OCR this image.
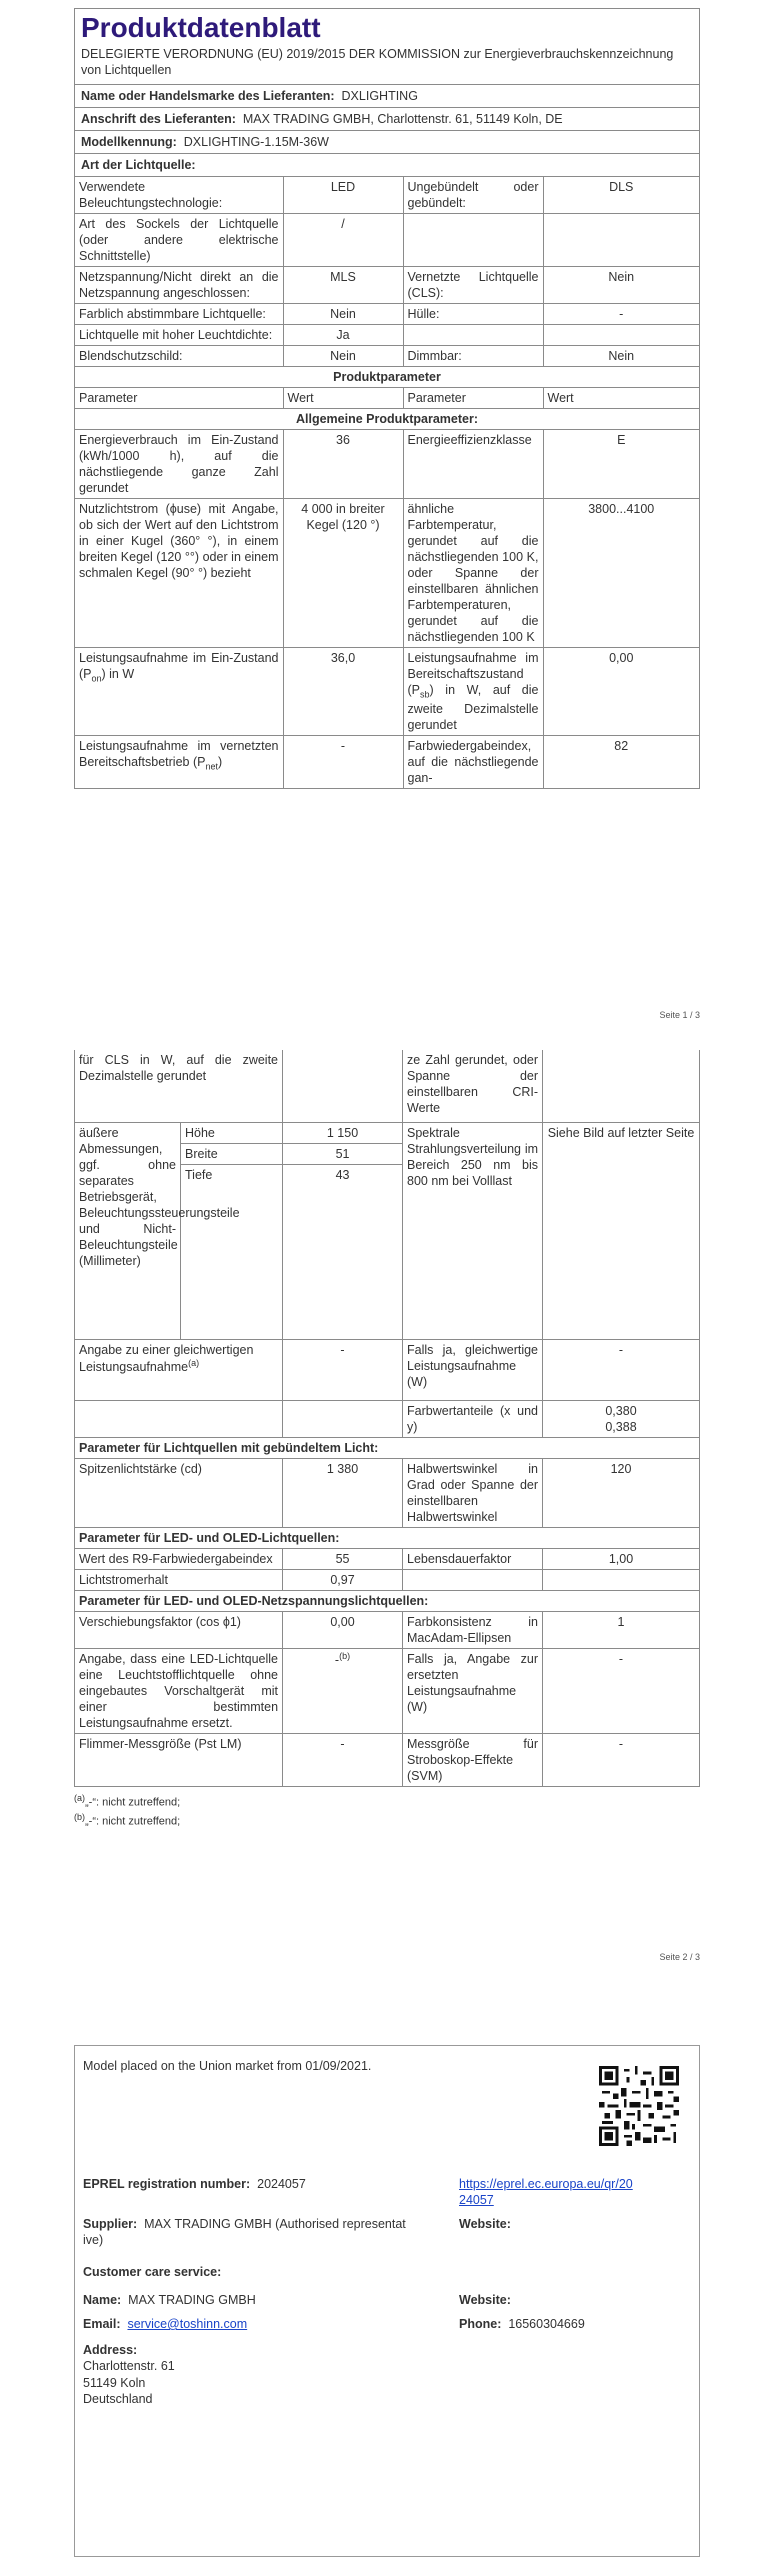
Produktdatenblatt
DELEGIERTE VERORDNUNG (EU) 2019/2015 DER KOMMISSION zur Energieverbrauchskennzeichnung von Lichtquellen
Name oder Handelsmarke des Lieferanten: DXLIGHTING
Anschrift des Lieferanten: MAX TRADING GMBH, Charlottenstr. 61, 51149 Koln, DE
Modellkennung: DXLIGHTING-1.15M-36W
Art der Lichtquelle:
Verwendete Beleuchtungstechnologie:	LED	Ungebündelt oder gebündelt:	DLS
Art des Sockels der Lichtquelle (oder andere elektrische Schnittstelle)	/		
Netzspannung/Nicht direkt an die Netzspannung angeschlossen:	MLS	Vernetzte Lichtquelle (CLS):	Nein
Farblich abstimmbare Lichtquelle:	Nein	Hülle:	-
Lichtquelle mit hoher Leuchtdichte:	Ja		
Blendschutzschild:	Nein	Dimmbar:	Nein
Produktparameter
Parameter	Wert	Parameter	Wert
Allgemeine Produktparameter:			
Energieverbrauch im Ein-Zustand (kWh/1000 h), auf die nächstliegende ganze Zahl gerundet	36	Energieeffizienzklasse	E
Nutzlichtstrom (ϕuse) mit Angabe, ob sich der Wert auf den Lichtstrom in einer Kugel (360° °), in einem breiten Kegel (120 °°) oder in einem schmalen Kegel (90° °) bezieht	4 000 in breiter Kegel (120 °)	ähnliche Farbtemperatur, gerundet auf die nächstliegenden 100 K, oder Spanne der einstellbaren ähnlichen Farbtemperaturen, gerundet auf die nächstliegenden 100 K	3800...4100
Leistungsaufnahme im Ein-Zustand $(P_{on})$ in W	36,0	Leistungsaufnahme im Bereitschaftszustand $(P_{sb})$ in W, auf die zweite Dezimalstelle gerundet	0,00
Leistungsaufnahme im vernetzten Bereitschaftsbetrieb $(P_{net})$	-	Farbwiedergabeindex, auf die nächstliegende gan-	82
Seite 1 / 3
für CLS in W, auf die zweite Dezimalstelle gerundet			ze Zahl gerundet, oder Spanne der einstellbaren CRI-Werte	
äußere Abmessungen, ggf. ohne separates Betriebsgerät, Beleuchtungssteuerungsteile und Nicht-Beleuchtungsteile (Millimeter)	Höhe	1 150	Spektrale Strahlungsverteilung im Bereich 250 nm bis 800 nm bei Volllast	Siehe Bild auf letzter Seite
	Breite	51		
	Tiefe	43		
Angabe zu einer gleichwertigen Leistungsaufnahme$^{(a)}$		-	Falls ja, gleichwertige Leistungsaufnahme (W)	-
			Farbwertanteile (x und y)	0,380
0,388

Parameter für Lichtquellen mit gebündeltem Licht:				
Spitzenlichtstärke (cd)		1 380	Halbwertswinkel in Grad oder Spanne der einstellbaren Halbwertswinkel	120
Parameter für LED- und OLED-Lichtquellen:				
Wert des R9-Farbwiedergabeindex		55	Lebensdauerfaktor	1,00
Lichtstromerhalt		0,97		
Parameter für LED- und OLED-Netzspannungslichtquellen:				
Verschiebungsfaktor (cos ϕ1)		0,00	Farbkonsistenz in MacAdam-Ellipsen	1
Angabe, dass eine LED-Lichtquelle eine Leuchtstofflichtquelle ohne eingebautes Vorschaltgerät mit einer bestimmten Leistungsaufnahme ersetzt.		-$^{(b)}$	Falls ja, Angabe zur ersetzten Leistungsaufnahme (W)	-
Flimmer-Messgröße (Pst LM)		-	Messgröße für Stroboskop-Effekte (SVM)	-
$^{(a)}$„-“: nicht zutreffend;
$^{(b)}$„-“: nicht zutreffend;
Seite 2 / 3
Model placed on the Union market from 01/09/2021.
EPREL registration number: 2024057	https://eprel.ec.europa.eu/qr/20
24057
Supplier: MAX TRADING GMBH (Authorised representat
ive)
Website:
Customer care service:
Name: MAX TRADING GMBH	Website:
Email: service@toshinn.com	Phone: 16560304669
Address:
Charlottenstr. 61
51149 Koln
Deutschland
